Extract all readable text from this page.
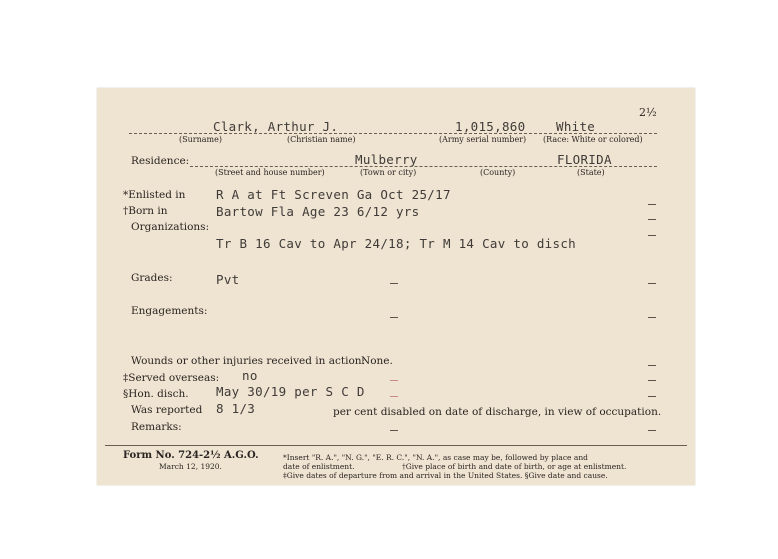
2½
Clark, Arthur J.	1,015,860 White
(Surname)	(Christian name)	(Army serial number) (Race: White or colored)
Residence:	Mulberry	FLORIDA
(Street and house number)	(Town or city)	(County)	(State)
*Enlisted in R A at Ft Screven Ga Oct 25/17
†Born in	Bartow Fla Age 23 6/12 yrs
Organizations:
Tr B 16 Cav to Apr 24/18; Tr M 14 Cav to disch
Grades:	Pvt
Engagements:
Wounds or other injuries received in action:
None.
‡Served overseas: no
§Hon. disch. May 30/19 per S C D
Was reported 8 1/3	per cent disabled on date of discharge, in view of occupation.
Remarks:
Form No. 724-2½ A.G.O.
March 12, 1920.
*Insert "R. A.", "N. G.", "E. R. C.", "N. A.", as case may be, followed by place and
date of enlistment.	†Give place of birth and date of birth, or age at enlistment.
‡Give dates of departure from and arrival in the United States. §Give date and cause.
